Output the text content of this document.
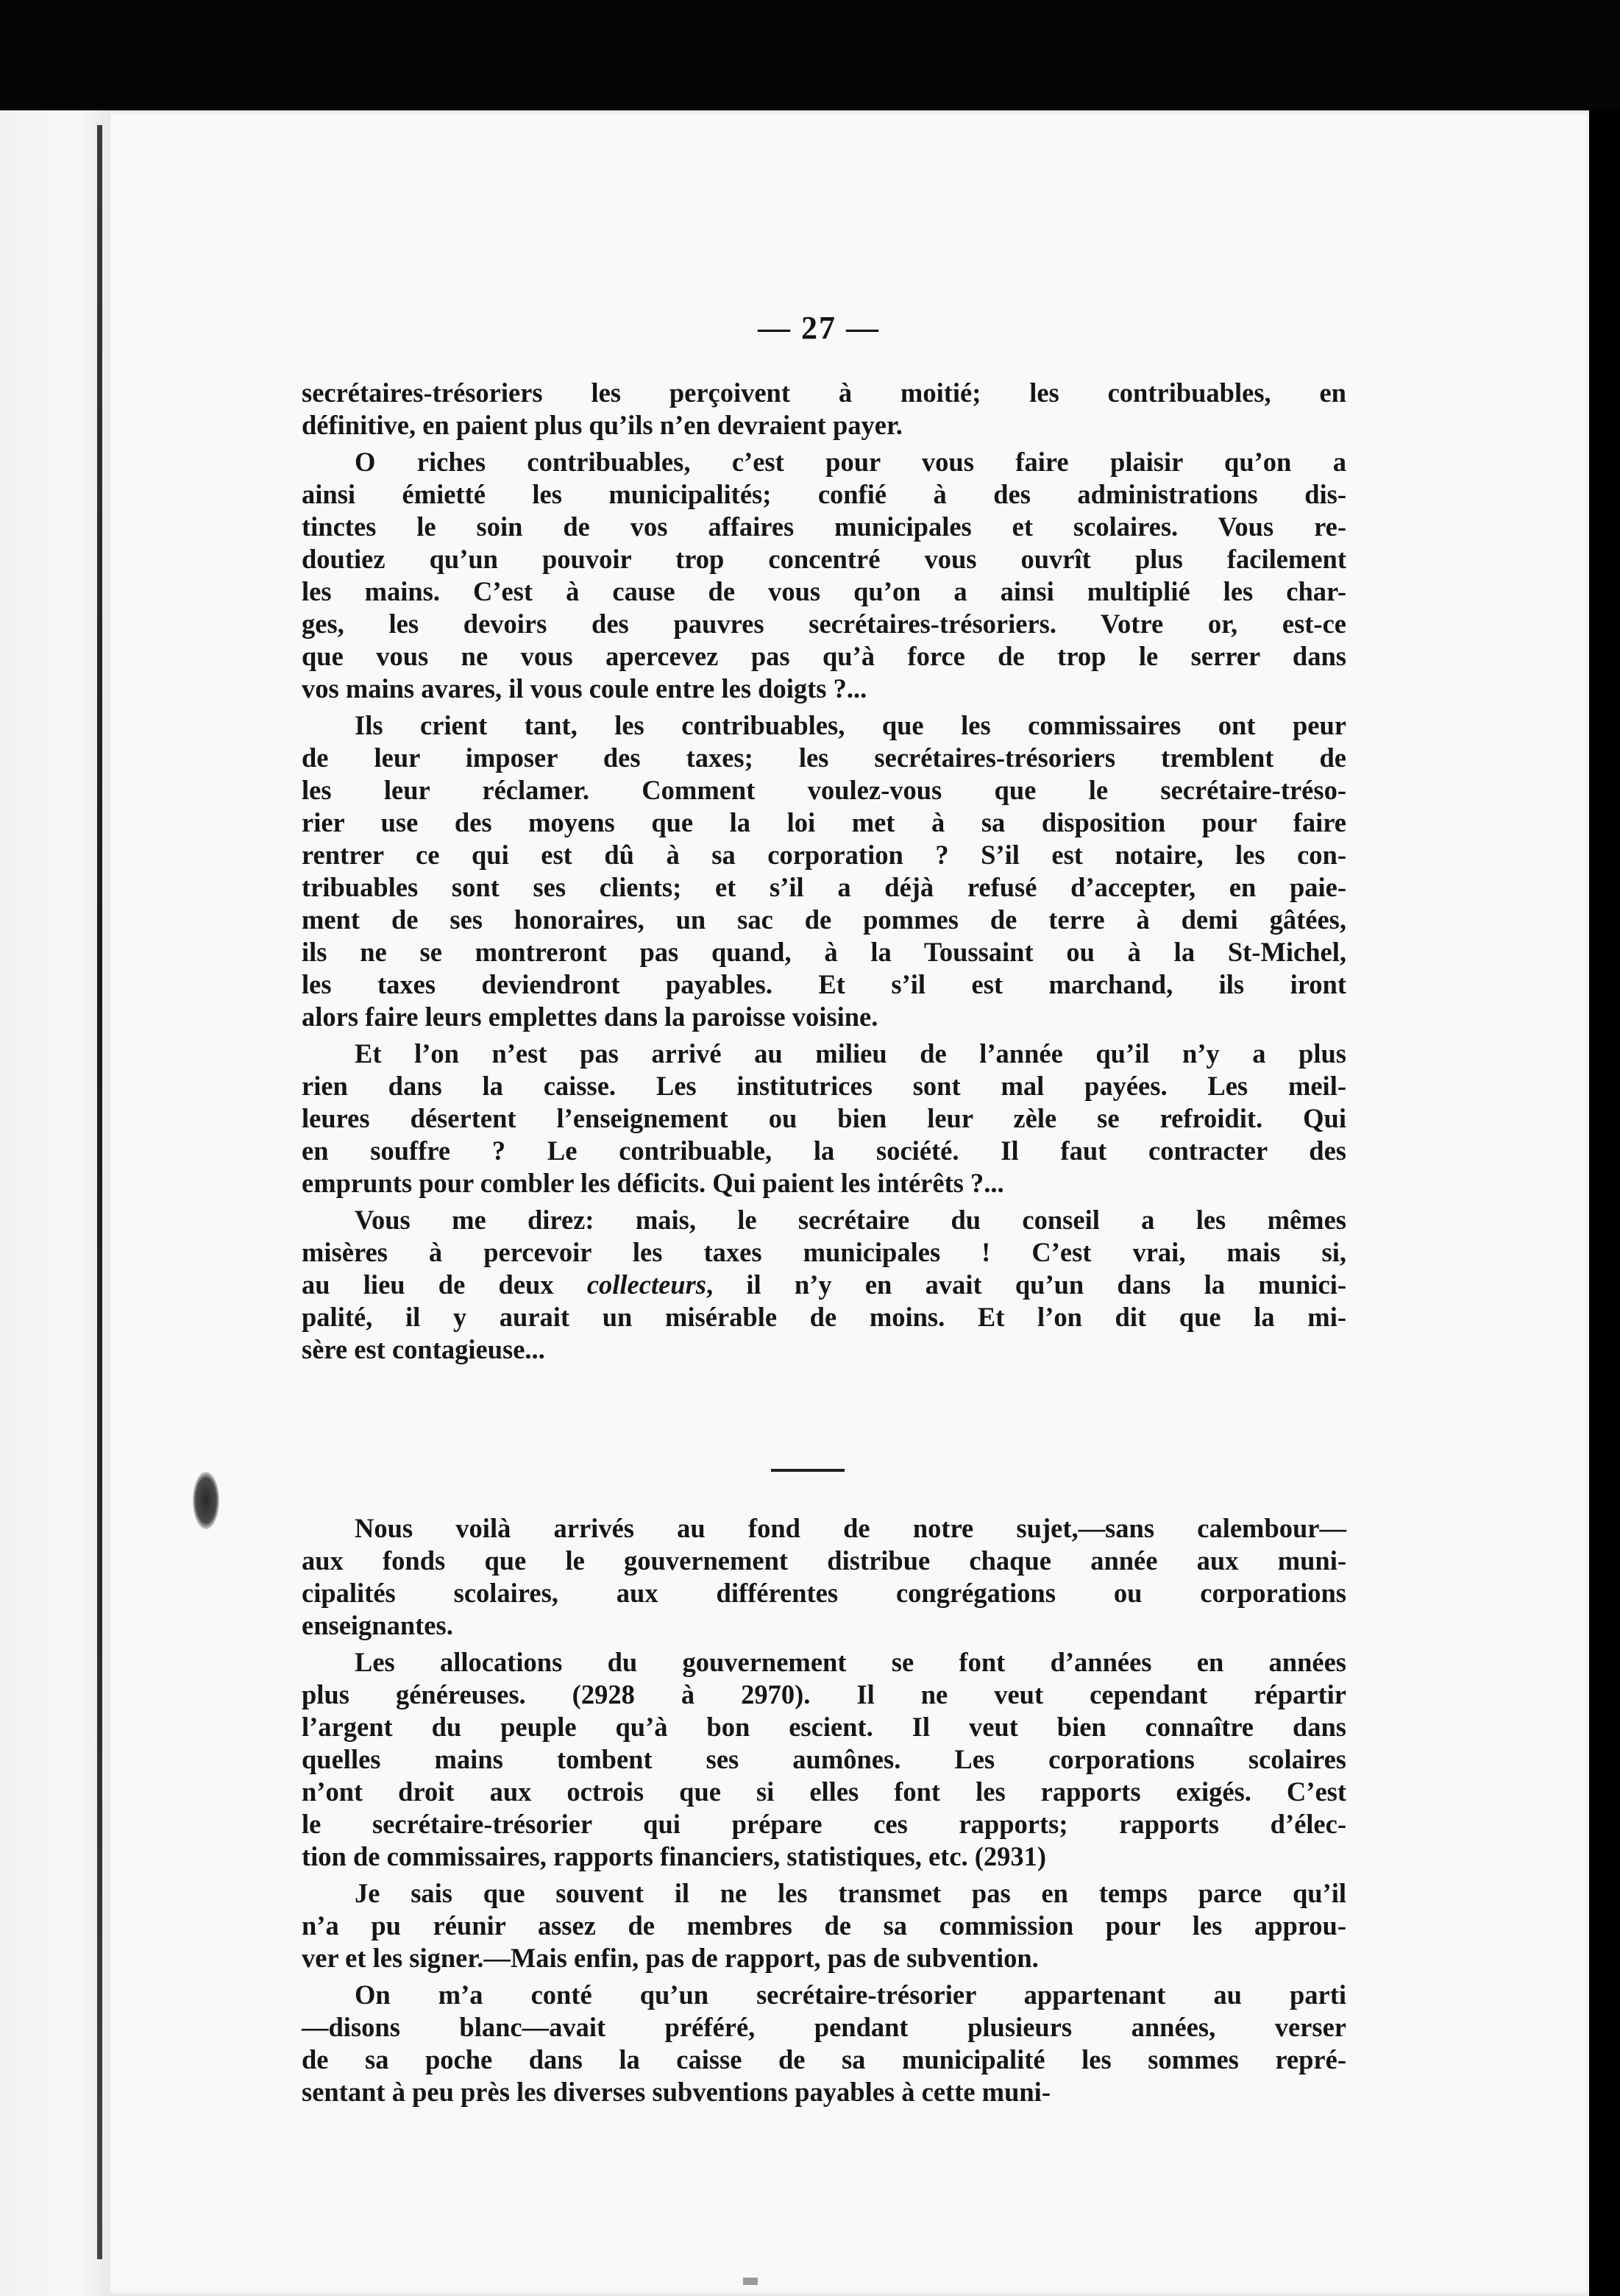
— 27 —

secrétaires-trésoriers les perçoivent à moitié; les contribuables, en
définitive, en paient plus qu’ils n’en devraient payer.

O riches contribuables, c’est pour vous faire plaisir qu’on a
ainsi émietté les municipalités; confié à des administrations dis-
tinctes le soin de vos affaires municipales et scolaires. Vous re-
doutiez qu’un pouvoir trop concentré vous ouvrît plus facilement
les mains. C’est à cause de vous qu’on a ainsi multiplié les char-
ges, les devoirs des pauvres secrétaires-trésoriers. Votre or, est-ce
que vous ne vous apercevez pas qu’à force de trop le serrer dans
vos mains avares, il vous coule entre les doigts ?...

Ils crient tant, les contribuables, que les commissaires ont peur
de leur imposer des taxes; les secrétaires-trésoriers tremblent de
les leur réclamer. Comment voulez-vous que le secrétaire-tréso-
rier use des moyens que la loi met à sa disposition pour faire
rentrer ce qui est dû à sa corporation ? S’il est notaire, les con-
tribuables sont ses clients; et s’il a déjà refusé d’accepter, en paie-
ment de ses honoraires, un sac de pommes de terre à demi gâtées,
ils ne se montreront pas quand, à la Toussaint ou à la St-Michel,
les taxes deviendront payables. Et s’il est marchand, ils iront
alors faire leurs emplettes dans la paroisse voisine.

Et l’on n’est pas arrivé au milieu de l’année qu’il n’y a plus
rien dans la caisse. Les institutrices sont mal payées. Les meil-
leures désertent l’enseignement ou bien leur zèle se refroidit. Qui
en souffre ? Le contribuable, la société. Il faut contracter des
emprunts pour combler les déficits. Qui paient les intérêts ?...

Vous me direz: mais, le secrétaire du conseil a les mêmes
misères à percevoir les taxes municipales ! C’est vrai, mais si,
au lieu de deux collecteurs, il n’y en avait qu’un dans la munici-
palité, il y aurait un misérable de moins. Et l’on dit que la mi-
sère est contagieuse...

Nous voilà arrivés au fond de notre sujet,—sans calembour—
aux fonds que le gouvernement distribue chaque année aux muni-
cipalités scolaires, aux différentes congrégations ou corporations
enseignantes.

Les allocations du gouvernement se font d’années en années
plus généreuses. (2928 à 2970). Il ne veut cependant répartir
l’argent du peuple qu’à bon escient. Il veut bien connaître dans
quelles mains tombent ses aumônes. Les corporations scolaires
n’ont droit aux octrois que si elles font les rapports exigés. C’est
le secrétaire-trésorier qui prépare ces rapports; rapports d’élec-
tion de commissaires, rapports financiers, statistiques, etc. (2931)

Je sais que souvent il ne les transmet pas en temps parce qu’il
n’a pu réunir assez de membres de sa commission pour les approu-
ver et les signer.—Mais enfin, pas de rapport, pas de subvention.

On m’a conté qu’un secrétaire-trésorier appartenant au parti
—disons blanc—avait préféré, pendant plusieurs années, verser
de sa poche dans la caisse de sa municipalité les sommes repré-
sentant à peu près les diverses subventions payables à cette muni-
